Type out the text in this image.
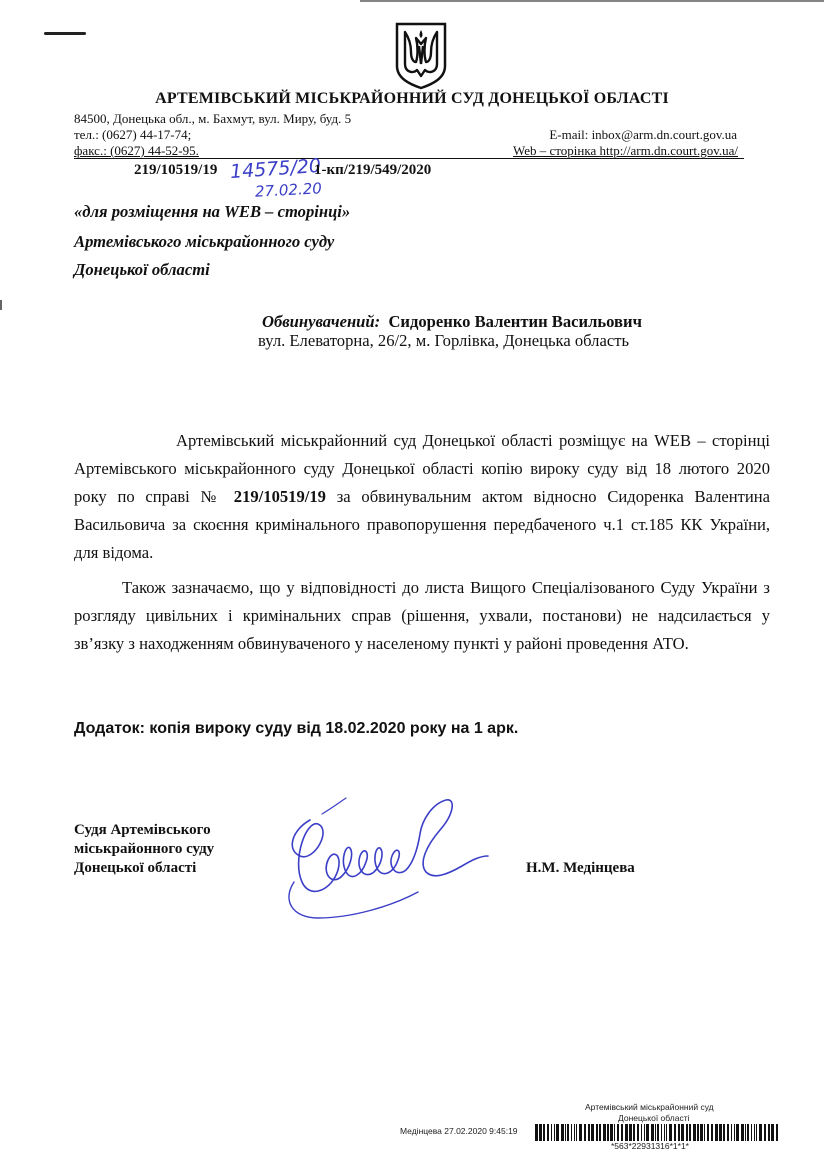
АРТЕМІВСЬКИЙ МІСЬКРАЙОННИЙ СУД ДОНЕЦЬКОЇ ОБЛАСТІ
84500, Донецька обл., м. Бахмут, вул. Миру, буд. 5
тел.: (0627) 44-17-74;
факс.: (0627) 44-52-95.
E-mail: inbox@arm.dn.court.gov.ua
Web – сторінка http://arm.dn.court.gov.ua/
219/10519/19 14575/20
27.02.20
1-кп/219/549/2020
«для розміщення на WEB – сторінці»
Артемівського міськрайонного суду
Донецької області
Обвинувачений: Сидоренко Валентин Васильович
вул. Елеваторна, 26/2, м. Горлівка, Донецька область
Артемівський міськрайонний суд Донецької області розміщує на WEB – сторінці
Артемівського міськрайонного суду Донецької області копію вироку суду від 18 лютого 2020
року по справі № 219/10519/19 за обвинувальним актом відносно Сидоренка Валентина
Васильовича за скоєння кримінального правопорушення передбаченого ч.1 ст.185 КК України,
для відома.
Також зазначаємо, що у відповідності до листа Вищого Спеціалізованого Суду України з
розгляду цивільних і кримінальних справ (рішення, ухвали, постанови) не надсилається у
зв’язку з находженням обвинуваченого у населеному пункті у районі проведення АТО.
Додаток: копія вироку суду від 18.02.2020 року на 1 арк.
Судя Артемівського
міськрайонного суду
Донецької області	Н.М. Медінцева
Артемівський міськрайонний суд
Донецької області
Медінцева 27.02.2020 9:45:19
*563*22931316*1*1*
